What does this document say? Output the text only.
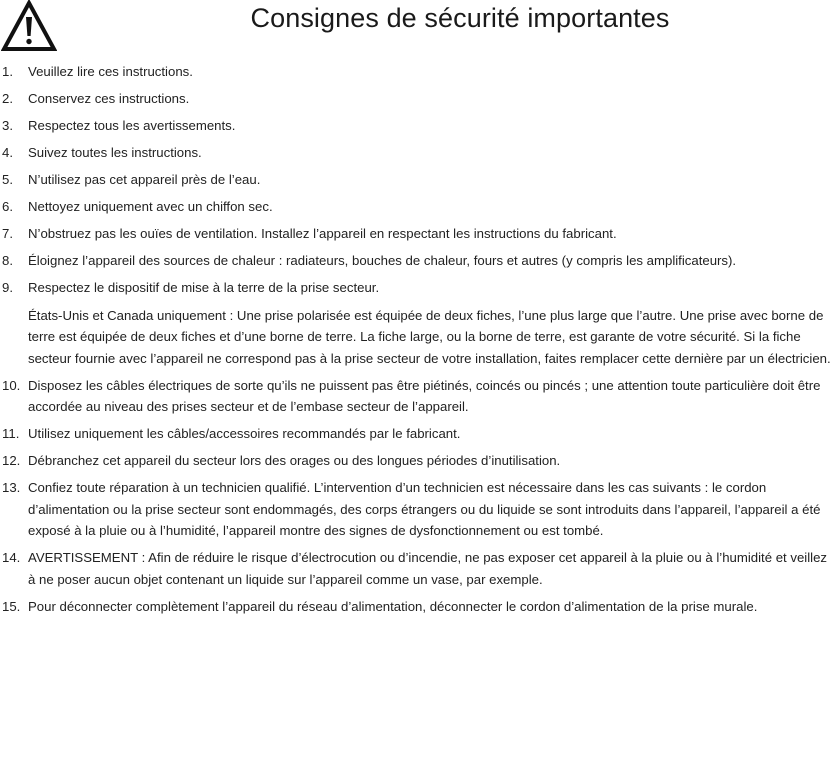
Consignes de sécurité importantes
1. Veuillez lire ces instructions.

2. Conservez ces instructions.

3. Respectez tous les avertissements.

4. Suivez toutes les instructions.

5. N’utilisez pas cet appareil près de l’eau.

6. Nettoyez uniquement avec un chiffon sec.

7. N’obstruez pas les ouïes de ventilation. Installez l’appareil en respectant les instructions du fabricant.

8. Éloignez l’appareil des sources de chaleur : radiateurs, bouches de chaleur, fours et autres (y compris les amplificateurs).

9. Respectez le dispositif de mise à la terre de la prise secteur.

États-Unis et Canada uniquement : Une prise polarisée est équipée de deux fiches, l’une plus large que l’autre. Une prise avec borne de terre est équipée de deux fiches et d’une borne de terre. La fiche large, ou la borne de terre, est garante de votre sécurité. Si la fiche secteur fournie avec l’appareil ne correspond pas à la prise secteur de votre installation, faites remplacer cette dernière par un électricien.

10. Disposez les câbles électriques de sorte qu’ils ne puissent pas être piétinés, coincés ou pincés ; une attention toute particulière doit être accordée au niveau des prises secteur et de l’embase secteur de l’appareil.

11. Utilisez uniquement les câbles/accessoires recommandés par le fabricant.

12. Débranchez cet appareil du secteur lors des orages ou des longues périodes d’inutilisation.

13. Confiez toute réparation à un technicien qualifié. L’intervention d’un technicien est nécessaire dans les cas suivants : le cordon d’alimentation ou la prise secteur sont endommagés, des corps étrangers ou du liquide se sont introduits dans l’appareil, l’appareil a été exposé à la pluie ou à l’humidité, l’appareil montre des signes de dysfonctionnement ou est tombé.

14. AVERTISSEMENT : Afin de réduire le risque d’électrocution ou d’incendie, ne pas exposer cet appareil à la pluie ou à l’humidité et veillez à ne poser aucun objet contenant un liquide sur l’appareil comme un vase, par exemple.

15. Pour déconnecter complètement l’appareil du réseau d’alimentation, déconnecter le cordon d’alimentation de la prise murale.
